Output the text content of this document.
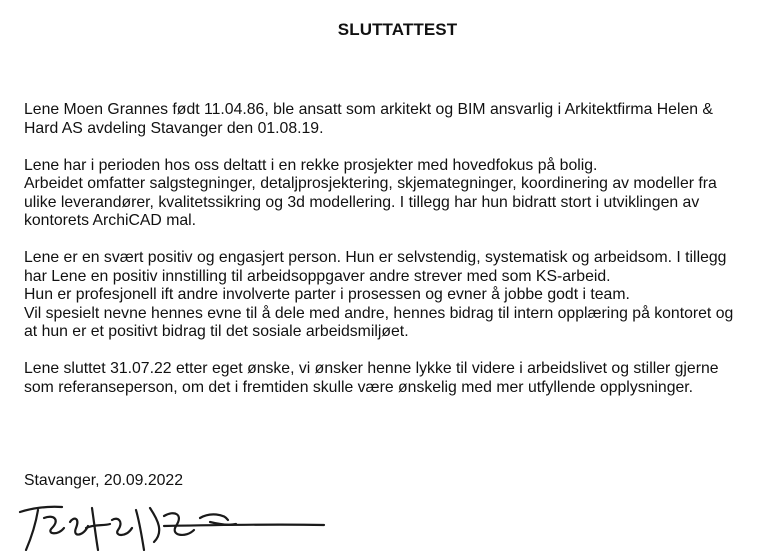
SLUTTATTEST
Lene Moen Grannes født 11.04.86, ble ansatt som arkitekt og BIM ansvarlig i Arkitektfirma Helen &
Hard AS avdeling Stavanger den 01.08.19.
Lene har i perioden hos oss deltatt i en rekke prosjekter med hovedfokus på bolig.
Arbeidet omfatter salgstegninger, detaljprosjektering, skjemategninger, koordinering av modeller fra
ulike leverandører, kvalitetssikring og 3d modellering. I tillegg har hun bidratt stort i utviklingen av
kontorets ArchiCAD mal.
Lene er en svært positiv og engasjert person. Hun er selvstendig, systematisk og arbeidsom. I tillegg
har Lene en positiv innstilling til arbeidsoppgaver andre strever med som KS-arbeid.
Hun er profesjonell ift andre involverte parter i prosessen og evner å jobbe godt i team.
Vil spesielt nevne hennes evne til å dele med andre, hennes bidrag til intern opplæring på kontoret og
at hun er et positivt bidrag til det sosiale arbeidsmiljøet.
Lene sluttet 31.07.22 etter eget ønske, vi ønsker henne lykke til videre i arbeidslivet og stiller gjerne
som referanseperson, om det i fremtiden skulle være ønskelig med mer utfyllende opplysninger.
Stavanger, 20.09.2022
